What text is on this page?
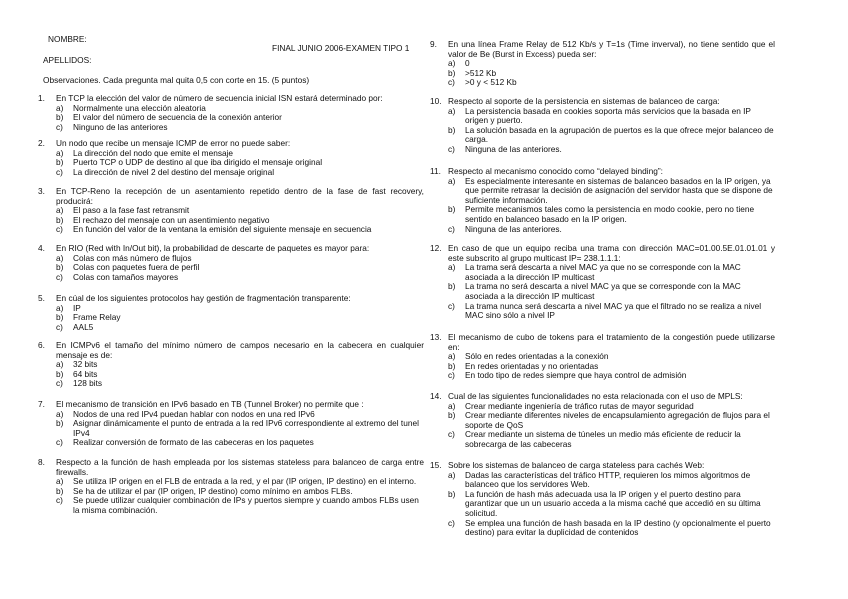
NOMBRE:
APELLIDOS:
FINAL JUNIO 2006-EXAMEN TIPO 1
Observaciones. Cada pregunta mal quita 0,5 con corte en 15. (5 puntos)
1. En TCP la elección del valor de número de secuencia inicial ISN estará determinado por:
a) Normalmente una elección aleatoria
b) El valor del número de secuencia de la conexión anterior
c) Ninguno de las anteriores
2. Un nodo que recibe un mensaje ICMP de error no puede saber:
a) La dirección del nodo que emite el mensaje
b) Puerto TCP o UDP de destino al que iba dirigido el mensaje original
c) La dirección de nivel 2 del destino del mensaje original
3. En TCP-Reno la recepción de un asentamiento repetido dentro de la fase de fast recovery, producirá:
a) El paso a la fase fast retransmit
b) El rechazo del mensaje con un asentimiento negativo
c) En función del valor de la ventana la emisión del siguiente mensaje en secuencia
4. En RIO (Red with In/Out bit), la probabilidad de descarte de paquetes es mayor para:
a) Colas con más número de flujos
b) Colas con paquetes fuera de perfil
c) Colas con tamaños mayores
5. En cúal de los siguientes protocolos hay gestión de fragmentación transparente:
a) IP
b) Frame Relay
c) AAL5
6. En ICMPv6 el tamaño del mínimo número de campos necesario en la cabecera en cualquier mensaje es de:
a) 32 bits
b) 64 bits
c) 128 bits
7. El mecanismo de transición en IPv6 basado en TB (Tunnel Broker) no permite que :
a) Nodos de una red IPv4 puedan hablar con nodos en una red IPv6
b) Asignar dinámicamente el punto de entrada a la red IPv6 correspondiente al extremo del tunel IPv4
c) Realizar conversión de formato de las cabeceras en los paquetes
8. Respecto a la función de hash empleada por los sistemas stateless para balanceo de carga entre firewalls.
a) Se utiliza IP origen en el FLB de entrada a la red, y el par (IP origen, IP destino) en el interno.
b) Se ha de utilizar el par (IP origen, IP destino) como mínimo en ambos FLBs.
c) Se puede utilizar cualquier combinación de IPs y puertos siempre y cuando ambos FLBs usen la misma combinación.
9. En una línea Frame Relay de 512 Kb/s y T=1s (Time inverval), no tiene sentido que el valor de Be (Burst in Excess) pueda ser:
a) 0
b) >512 Kb
c) >0 y < 512 Kb
10. Respecto al soporte de la persistencia en sistemas de balanceo de carga:
a) La persistencia basada en cookies soporta más servicios que la basada en IP origen y puerto.
b) La solución basada en la agrupación de puertos es la que ofrece mejor balanceo de carga.
c) Ninguna de las anteriores.
11. Respecto al mecanismo conocido como “delayed binding”:
a) Es especialmente interesante en sistemas de balanceo basados en la IP origen, ya que permite retrasar la decisión de asignación del servidor hasta que se dispone de suficiente información.
b) Permite mecanismos tales como la persistencia en modo cookie, pero no tiene sentido en balanceo basado en la IP origen.
c) Ninguna de las anteriores.
12. En caso de que un equipo reciba una trama con dirección MAC=01.00.5E.01.01.01 y este subscrito al grupo multicast IP= 238.1.1.1:
a) La trama será descarta a nivel MAC ya que no se corresponde con la MAC asociada a la dirección IP multicast
b) La trama no será descarta a nivel MAC ya que se corresponde con la MAC asociada a la dirección IP multicast
c) La trama nunca será descarta a nivel MAC ya que el filtrado no se realiza a nivel MAC sino sólo a nivel IP
13. El mecanismo de cubo de tokens para el tratamiento de la congestión puede utilizarse en:
a) Sólo en redes orientadas a la conexión
b) En redes orientadas y no orientadas
c) En todo tipo de redes siempre que haya control de admisión
14. Cual de las siguientes funcionalidades no esta relacionada con el uso de MPLS:
a) Crear mediante ingeniería de tráfico rutas de mayor seguridad
b) Crear mediante diferentes niveles de encapsulamiento agregación de flujos para el soporte de QoS
c) Crear mediante un sistema de túneles un medio más eficiente de reducir la sobrecarga de las cabeceras
15. Sobre los sistemas de balanceo de carga stateless para cachés Web:
a) Dadas las características del tráfico HTTP, requieren los mimos algoritmos de balanceo que los servidores Web.
b) La función de hash más adecuada usa la IP origen y el puerto destino para garantizar que un un usuario acceda a la misma caché que accedió en su última solicitud.
c) Se emplea una función de hash basada en la IP destino (y opcionalmente el puerto destino) para evitar la duplicidad de contenidos
